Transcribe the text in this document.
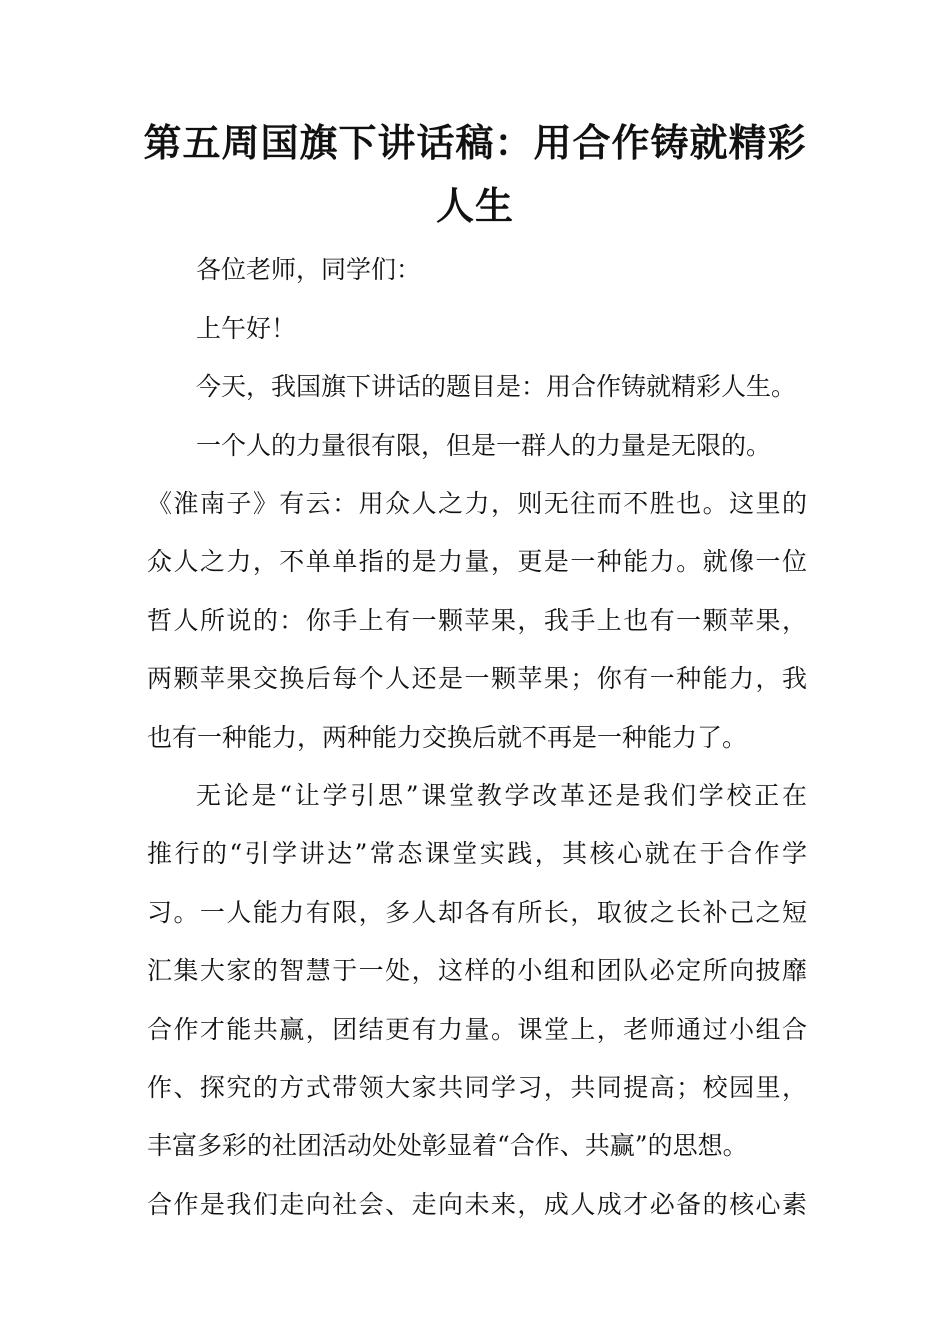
第五周国旗下讲话稿：用合作铸就精彩
人生
各位老师，同学们：
上午好！
今天，我国旗下讲话的题目是：用合作铸就精彩人生。
一个人的力量很有限，但是一群人的力量是无限的。
《淮南子》有云：用众人之力，则无往而不胜也。这里的
众人之力，不单单指的是力量，更是一种能力。就像一位
哲人所说的：你手上有一颗苹果，我手上也有一颗苹果，
两颗苹果交换后每个人还是一颗苹果；你有一种能力，我
也有一种能力，两种能力交换后就不再是一种能力了。
无论是“让学引思”课堂教学改革还是我们学校正在
推行的“引学讲达”常态课堂实践，其核心就在于合作学
习。一人能力有限，多人却各有所长，取彼之长补己之短
汇集大家的智慧于一处，这样的小组和团队必定所向披靡
合作才能共赢，团结更有力量。课堂上，老师通过小组合
作、探究的方式带领大家共同学习，共同提高；校园里，
丰富多彩的社团活动处处彰显着“合作、共赢”的思想。
合作是我们走向社会、走向未来，成人成才必备的核心素
